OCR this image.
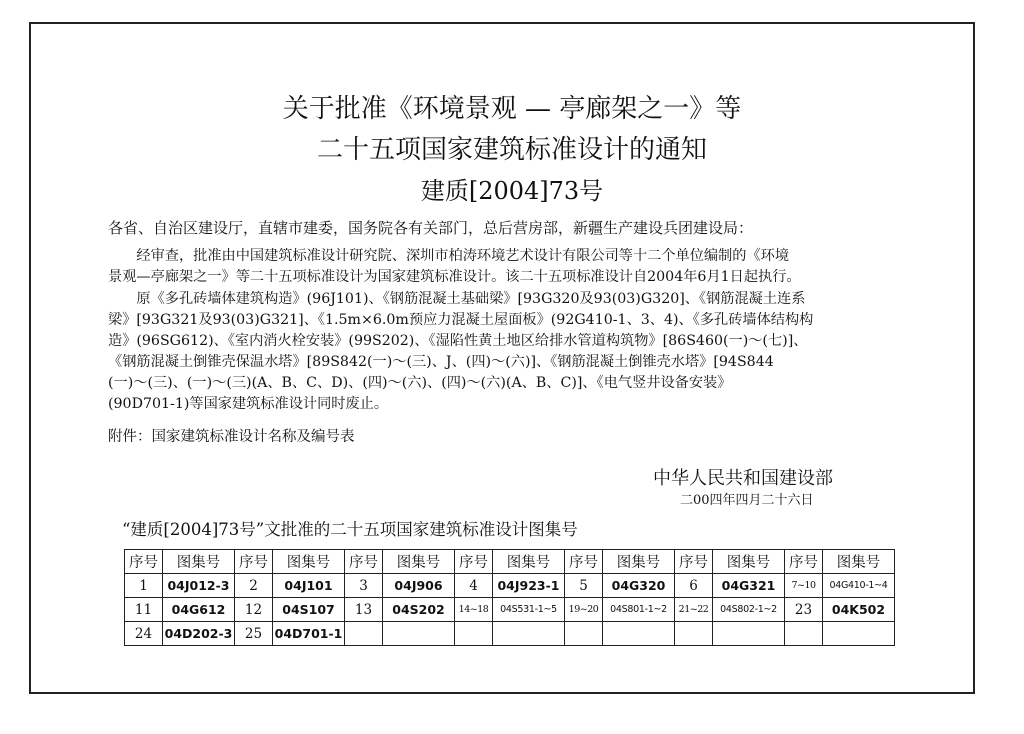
关于批准《环境景观 — 亭廊架之一》等
二十五项国家建筑标准设计的通知
建质[2004]73号
各省、自治区建设厅，直辖市建委，国务院各有关部门，总后营房部，新疆生产建设兵团建设局：
　　经审查，批准由中国建筑标准设计研究院、深圳市柏涛环境艺术设计有限公司等十二个单位编制的《环境
景观—亭廊架之一》等二十五项标准设计为国家建筑标准设计。该二十五项标准设计自2004年6月1日起执行。
　　原《多孔砖墙体建筑构造》(96J101)、《钢筋混凝土基础梁》[93G320及93(03)G320]、《钢筋混凝土连系
梁》[93G321及93(03)G321]、《1.5m×6.0m预应力混凝土屋面板》(92G410-1、3、4)、《多孔砖墙体结构构
造》(96SG612)、《室内消火栓安装》(99S202)、《湿陷性黄土地区给排水管道构筑物》[86S460(一)～(七)]、
《钢筋混凝土倒锥壳保温水塔》[89S842(一)～(三)、J、(四)～(六)]、《钢筋混凝土倒锥壳水塔》[94S844
(一)～(三)、(一)～(三)(A、B、C、D)、(四)～(六)、(四)～(六)(A、B、C)]、《电气竖井设备安装》
(90D701-1)等国家建筑标准设计同时废止。
附件：国家建筑标准设计名称及编号表
中华人民共和国建设部
二00四年四月二十六日
“建质[2004]73号”文批准的二十五项国家建筑标准设计图集号
序号	图集号	序号	图集号	序号	图集号	序号	图集号	序号	图集号	序号	图集号	序号	图集号
1	04J012-3	2	04J101	3	04J906	4	04J923-1	5	04G320	6	04G321	7~10	04G410-1~4
11	04G612	12	04S107	13	04S202	14~18	04S531-1~5	19~20	04S801-1~2	21~22	04S802-1~2	23	04K502
24	04D202-3	25	04D701-1										
